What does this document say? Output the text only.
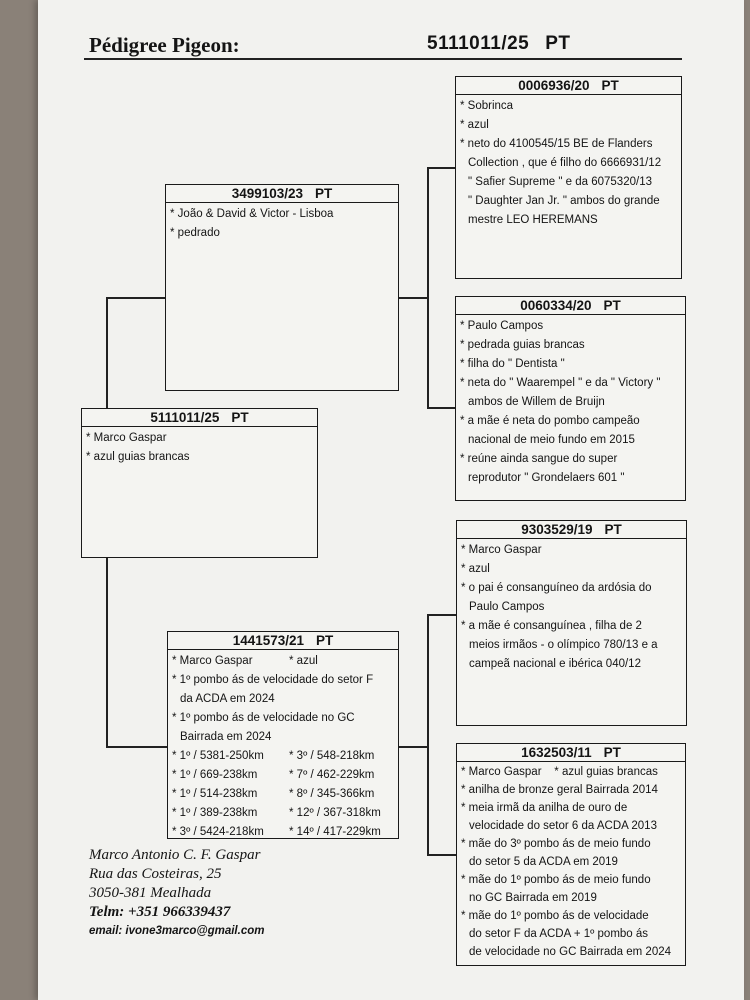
Pédigree Pigeon:	5111011/25 PT
5111011/25 PT
* Marco Gaspar
* azul guias brancas
3499103/23 PT
* João & David & Victor - Lisboa
* pedrado
1441573/21 PT
* Marco Gaspar	* azul
* 1º pombo ás de velocidade do setor F
da ACDA em 2024
* 1º pombo ás de velocidade no GC
Bairrada em 2024
* 1º / 5381-250km
* 1º / 669-238km
* 1º / 514-238km
* 1º / 389-238km
* 3º / 5424-218km
* 3º / 548-218km
* 7º / 462-229km
* 8º / 345-366km
* 12º / 367-318km
* 14º / 417-229km
0006936/20 PT
* Sobrinca
* azul
* neto do 4100545/15 BE de Flanders
Collection , que é filho do 6666931/12
" Safier Supreme " e da 6075320/13
" Daughter Jan Jr. " ambos do grande
mestre LEO HEREMANS
0060334/20 PT
* Paulo Campos
* pedrada guias brancas
* filha do " Dentista "
* neta do " Waarempel " e da " Victory "
ambos de Willem de Bruijn
* a mãe é neta do pombo campeão
nacional de meio fundo em 2015
* reúne ainda sangue do super
reprodutor " Grondelaers 601 "
9303529/19 PT
* Marco Gaspar
* azul
* o pai é consanguíneo da ardósia do
Paulo Campos
* a mãe é consanguínea , filha de 2
meios irmãos - o olímpico 780/13 e a
campeã nacional e ibérica 040/12
1632503/11 PT
* Marco Gaspar    * azul guias brancas
* anilha de bronze geral Bairrada 2014
* meia irmã da anilha de ouro de
velocidade do setor 6 da ACDA 2013
* mãe do 3º pombo ás de meio fundo
do setor 5 da ACDA em 2019
* mãe do 1º pombo ás de meio fundo
no GC Bairrada em 2019
* mãe do 1º pombo ás de velocidade
do setor F da ACDA + 1º pombo ás
de velocidade no GC Bairrada em 2024
Marco Antonio C. F. Gaspar
Rua das Costeiras, 25
3050-381 Mealhada
Telm: +351 966339437
email: ivone3marco@gmail.com
